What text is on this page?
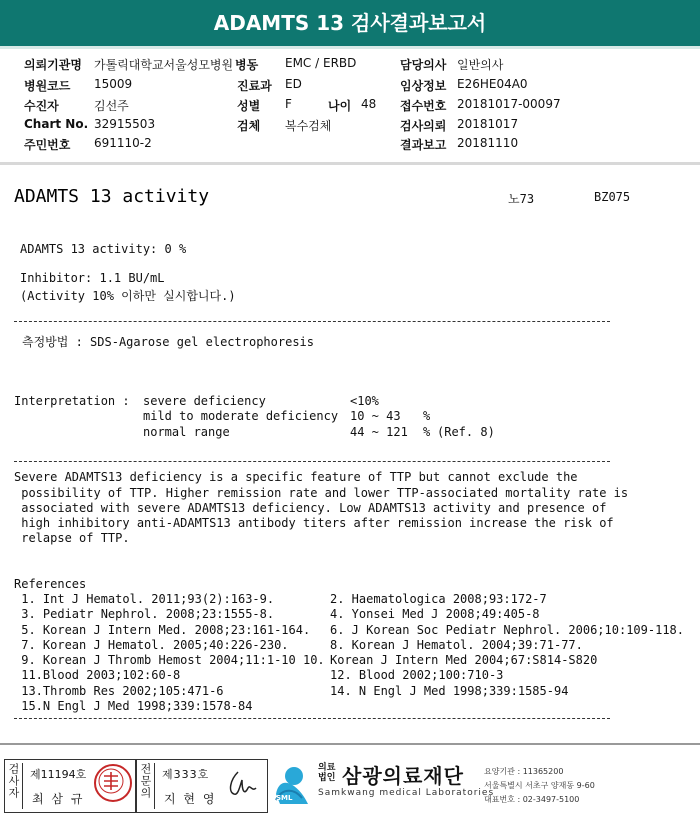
ADAMTS 13 검사결과보고서
의뢰기관명 가톨릭대학교서울성모병원 병동 EMC / ERBD	담당의사 일반의사
병원코드 15009	진료과 ED	임상정보 E26HE04A0
수진자	김선주	성별 F	나이 48 접수번호 20181017-00097
Chart No. 32915503	검체 복수검체	검사의뢰 20181017
주민번호 691110-2	결과보고 20181110
ADAMTS 13 activity	노73	BZ075
ADAMTS 13 activity: 0 %
Inhibitor: 1.1 BU/mL
(Activity 10% 이하만 실시합니다.)
측정방법 : SDS-Agarose gel electrophoresis
Interpretation : severe deficiency	<10%
mild to moderate deficiency 10 ~ 43 %
normal range	44 ~ 121 % (Ref. 8)
Severe ADAMTS13 deficiency is a specific feature of TTP but cannot exclude the
possibility of TTP. Higher remission rate and lower TTP-associated mortality rate is
associated with severe ADAMTS13 deficiency. Low ADAMTS13 activity and presence of
high inhibitory anti-ADAMTS13 antibody titers after remission increase the risk of
relapse of TTP.
References
1. Int J Hematol. 2011;93(2):163-9.	2. Haematologica 2008;93:172-7
3. Pediatr Nephrol. 2008;23:1555-8.	4. Yonsei Med J 2008;49:405-8
5. Korean J Intern Med. 2008;23:161-164. 6. J Korean Soc Pediatr Nephrol. 2006;10:109-118.
7. Korean J Hematol. 2005;40:226-230.	8. Korean J Hematol. 2004;39:71-77.
9. Korean J Thromb Hemost 2004;11:1-10 10. Korean J Intern Med 2004;67:S814-S820
11.Blood 2003;102:60-8	12. Blood 2002;100:710-3
13.Thromb Res 2002;105:471-6	14. N Engl J Med 1998;339:1585-94
15.N Engl J Med 1998;339:1578-84
검사자 제11194호
최 삼 규	전문의 제333호
지 현 영	SML
의료법인 삼광의료재단
Samkwang medical Laboratories
요양기관 : 11365200
서울특별시 서초구 양재동 9-60
대표번호 : 02-3497-5100
